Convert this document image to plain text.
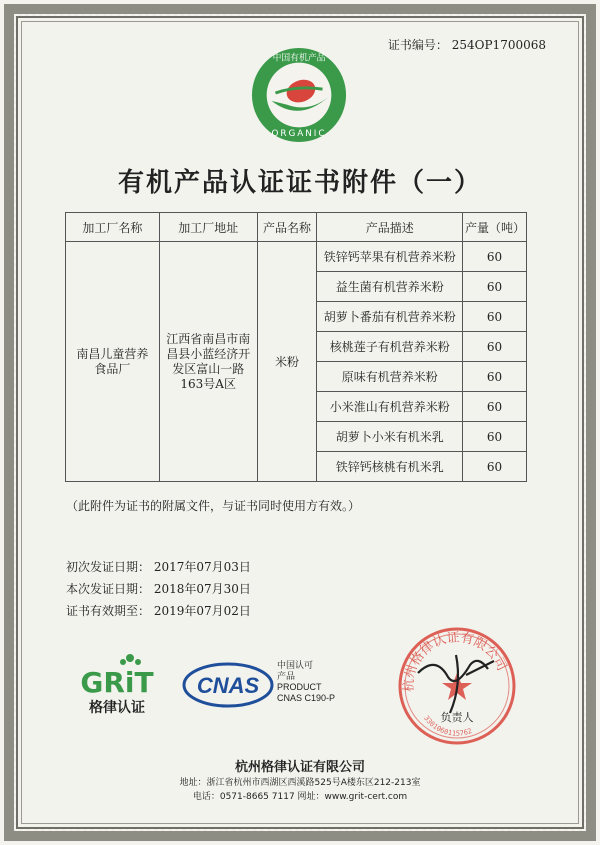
证书编号： 254OP1700068
中国有机产品
ORGANIC
有机产品认证证书附件（一）
加工厂名称	加工厂地址	产品名称	产品描述	产量（吨）
南昌儿童营养食品厂	江西省南昌市南昌县小蓝经济开发区富山一路163号A区	米粉	铁锌钙苹果有机营养米粉	60
			益生菌有机营养米粉	60
			胡萝卜番茄有机营养米粉	60
			核桃莲子有机营养米粉	60
			原味有机营养米粉	60
			小米淮山有机营养米粉	60
			胡萝卜小米有机米乳	60
			铁锌钙核桃有机米乳	60
（此附件为证书的附属文件，与证书同时使用方有效。）
初次发证日期： 2017年07月03日
本次发证日期： 2018年07月30日
证书有效期至： 2019年07月02日
GRiT
格律认证
CNAS
中国认可
产品
PRODUCT
CNAS C190-P
杭州格律认证有限公司
3301060115762
负责人
杭州格律认证有限公司
地址：浙江省杭州市西湖区西溪路525号A楼东区212-213室
电话：0571-8665 7117 网址：www.grit-cert.com
